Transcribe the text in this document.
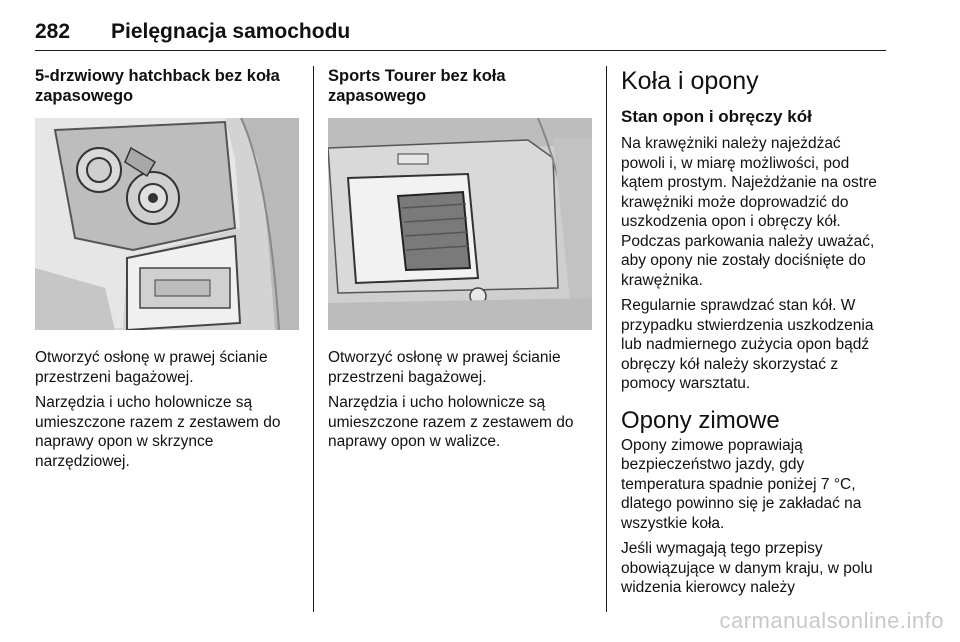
282 Pielęgnacja samochodu
5-drzwiowy hatchback bez koła zapasowego

Otworzyć osłonę w prawej ścianie przestrzeni bagażowej.

Narzędzia i ucho holownicze są umieszczone razem z zestawem do naprawy opon w skrzynce narzędziowej.

Sports Tourer bez koła zapasowego

Otworzyć osłonę w prawej ścianie przestrzeni bagażowej.

Narzędzia i ucho holownicze są umieszczone razem z zestawem do naprawy opon w walizce.

Koła i opony
Stan opon i obręczy kół

Na krawężniki należy najeżdżać powoli i, w miarę możliwości, pod kątem prostym. Najeżdżanie na ostre krawężniki może doprowadzić do uszkodzenia opon i obręczy kół. Podczas parkowania należy uważać, aby opony nie zostały dociśnięte do krawężnika.

Regularnie sprawdzać stan kół. W przypadku stwierdzenia uszkodzenia lub nadmiernego zużycia opon bądź obręczy kół należy skorzystać z pomocy warsztatu.

Opony zimowe

Opony zimowe poprawiają bezpieczeństwo jazdy, gdy temperatura spadnie poniżej 7 °C, dlatego powinno się je zakładać na wszystkie koła.

Jeśli wymagają tego przepisy obowiązujące w danym kraju, w polu widzenia kierowcy należy

carmanualsonline.info
